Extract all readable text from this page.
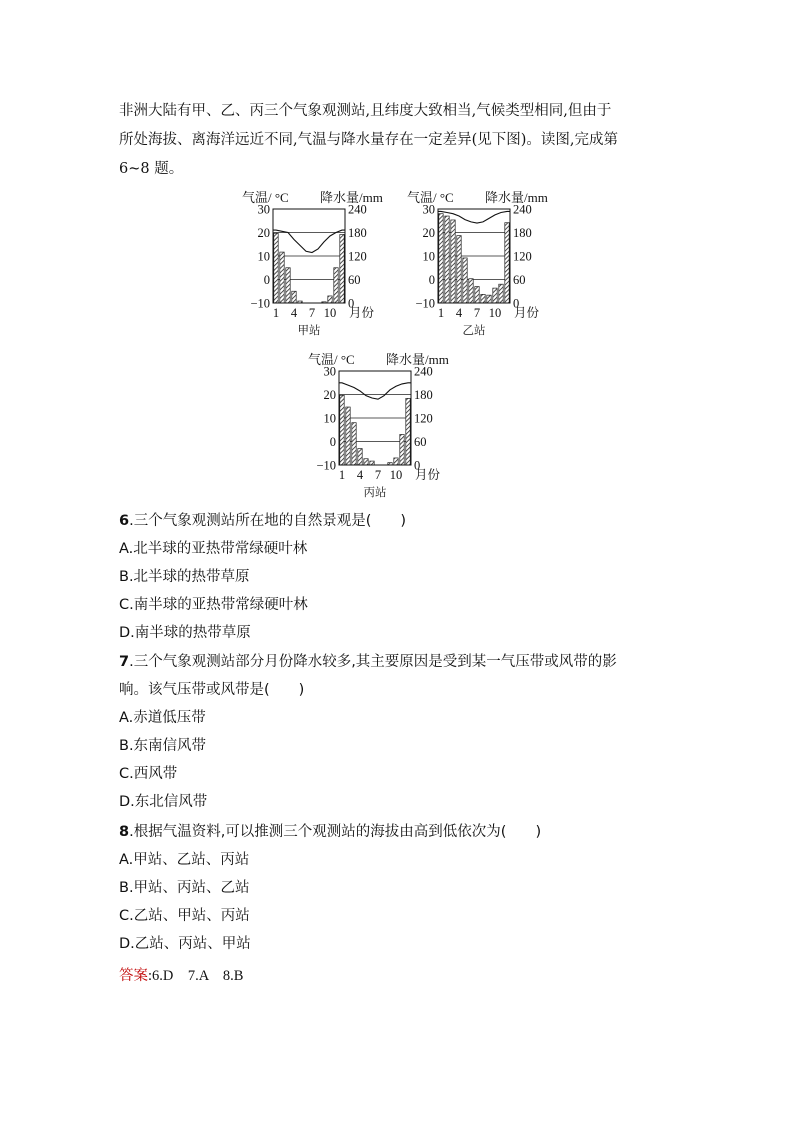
非洲大陆有甲、乙、丙三个气象观测站,且纬度大致相当,气候类型相同,但由于

所处海拔、离海洋远近不同,气温与降水量存在一定差异(见下图)。读图,完成第

6~8 题。

气温/ °C 降水量/mm
30
20
10
0
−10
240
180
120
60
0
1 4 7 10 月份
甲站
气温/ °C 降水量/mm
30
20
10
0
−10
240
180
120
60
0
1 4 7 10 月份
乙站
气温/ °C 降水量/mm
30
20
10
0
−10
240
180
120
60
0
1 4 7 10 月份
丙站
6.三个气象观测站所在地的自然景观是(　　)
A.北半球的亚热带常绿硬叶林
B.北半球的热带草原
C.南半球的亚热带常绿硬叶林
D.南半球的热带草原
7.三个气象观测站部分月份降水较多,其主要原因是受到某一气压带或风带的影
响。该气压带或风带是(　　)
A.赤道低压带
B.东南信风带
C.西风带
D.东北信风带
8.根据气温资料,可以推测三个观测站的海拔由高到低依次为(　　)
A.甲站、乙站、丙站
B.甲站、丙站、乙站
C.乙站、甲站、丙站
D.乙站、丙站、甲站
答案:6.D　7.A　8.B
